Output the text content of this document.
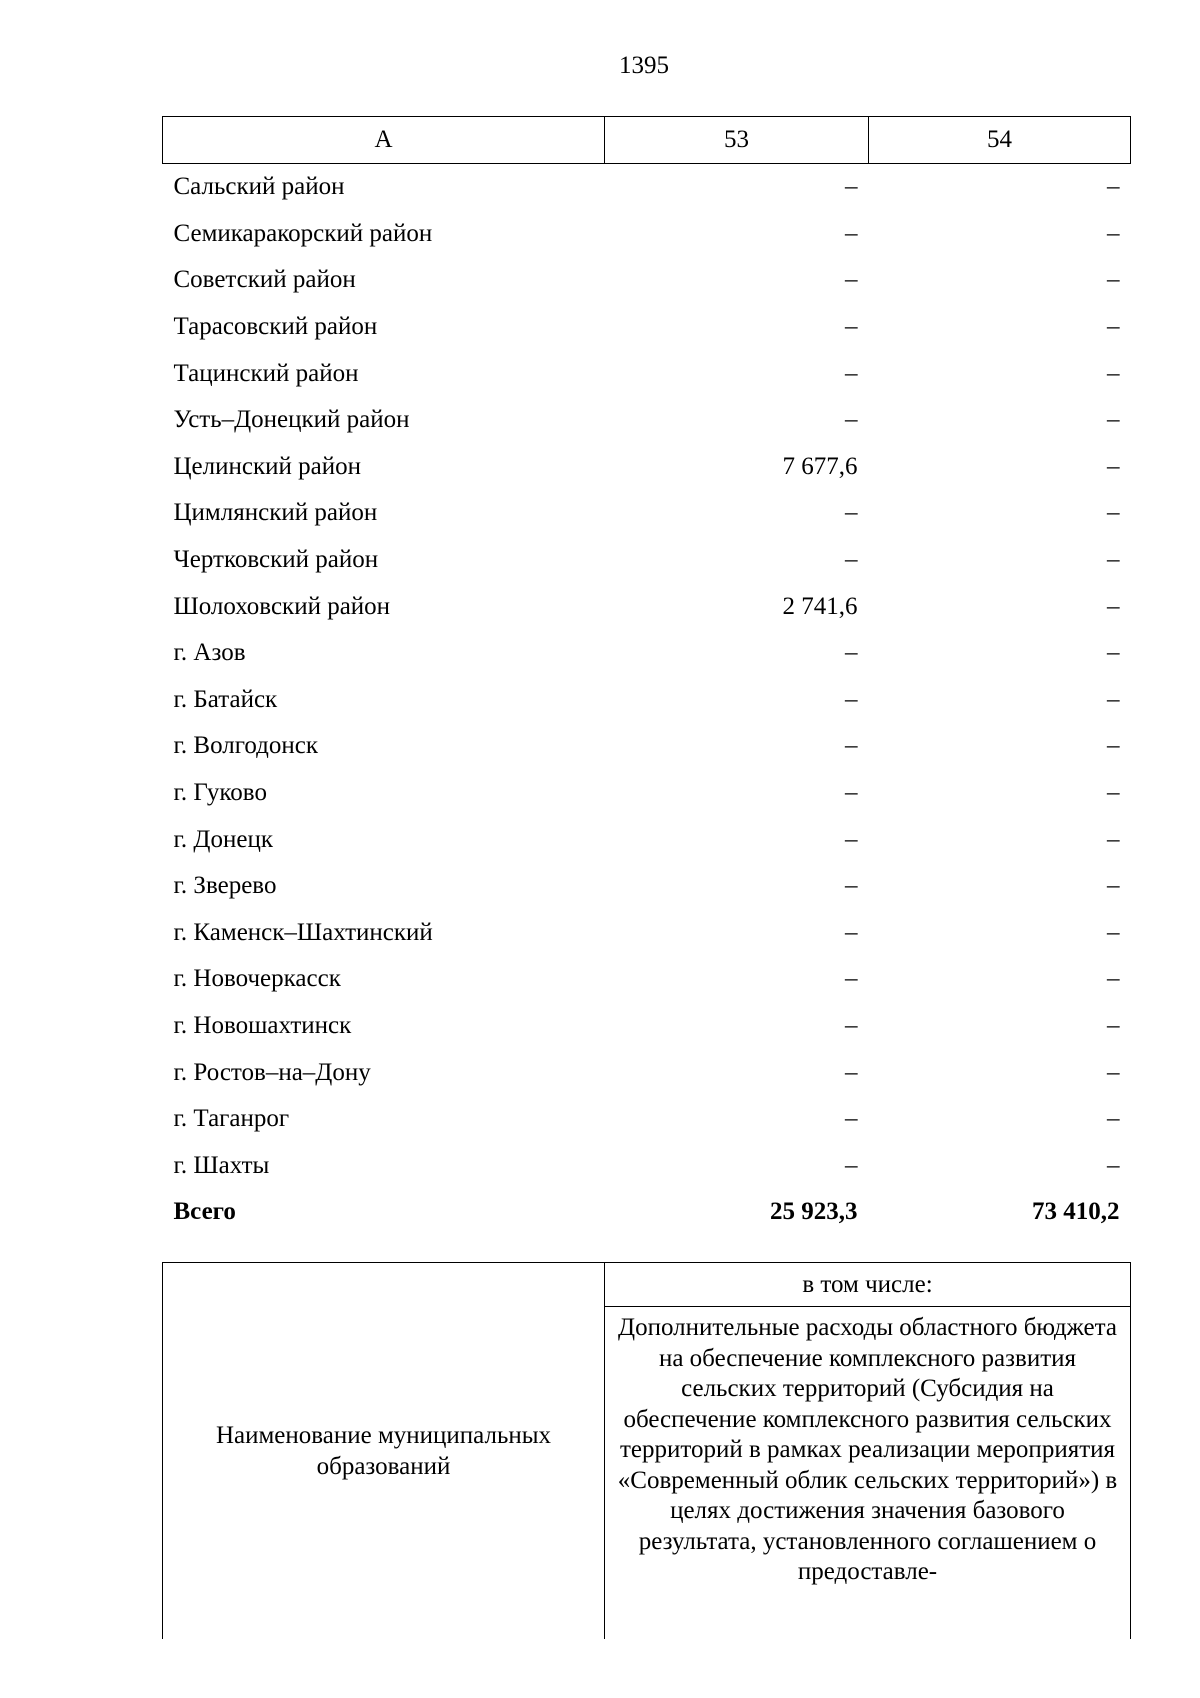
1395
А	53	54
Сальский район	–	–
Семикаракорский район	–	–
Советский район	–	–
Тарасовский район	–	–
Тацинский район	–	–
Усть–Донецкий район	–	–
Целинский район	7 677,6	–
Цимлянский район	–	–
Чертковский район	–	–
Шолоховский район	2 741,6	–
г. Азов	–	–
г. Батайск	–	–
г. Волгодонск	–	–
г. Гуково	–	–
г. Донецк	–	–
г. Зверево	–	–
г. Каменск–Шахтинский	–	–
г. Новочеркасск	–	–
г. Новошахтинск	–	–
г. Ростов–на–Дону	–	–
г. Таганрог	–	–
г. Шахты	–	–
Всего	25 923,3	73 410,2
Наименование муниципальных образований	в том числе:
Дополнительные расходы областного бюджета на обеспечение комплексного развития сельских территорий (Субсидия на обеспечение комплексного развития сельских территорий в рамках реализации мероприятия «Современный облик сельских территорий») в целях достижения значения базового результата, установленного соглашением о предоставле-
